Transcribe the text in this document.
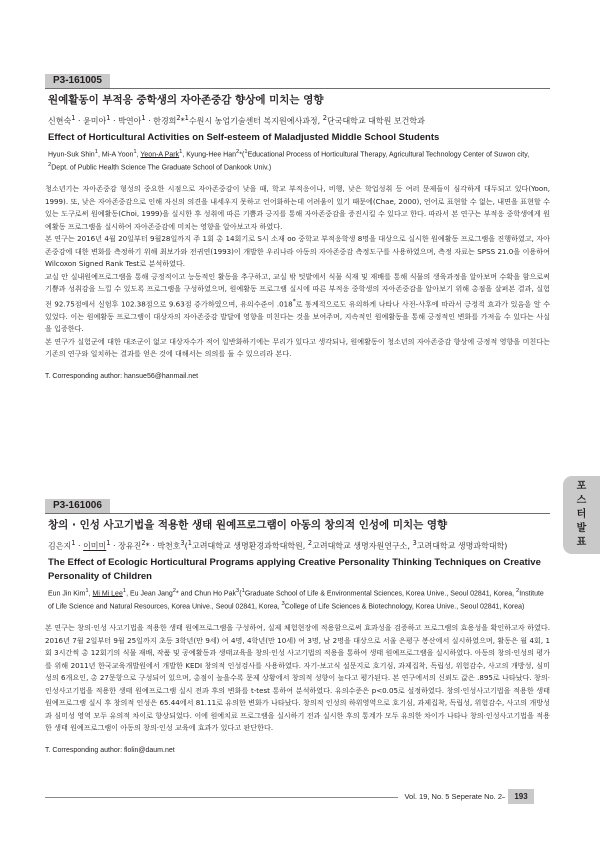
P3-161005
원예활동이 부적응 중학생의 자아존중감 향상에 미치는 영향
신현숙$^1$ · 윤미아$^1$ · 박연아$^1$ · 한경희$^2$*$^1$수원시 농업기술센터 복지원예사과정, $^2$단국대학교 대학원 보건학과
Effect of Horticultural Activities on Self-esteem of Maladjusted Middle School Students
Hyun-Suk Shin$^1$, Mi-A Yoon$^1$, Yeon-A Park$^1$, Kyung-Hee Han$^2$*($^1$Educational Process of Horticultural Therapy, Agricultural Technology Center of Suwon city, $^2$Dept. of Public Health Science The Graduate School of Dankook Univ.)

청소년기는 자아존중감 형성의 중요한 시점으로 자아존중감이 낮을 때, 학교 부적응이나, 비행, 낮은 학업성취 등 여러 문제들이 심각하게 대두되고 있다(Yoon, 1999). 또, 낮은 자아존중감으로 인해 자신의 의견을 내세우지 못하고 언어화하는데 어려움이 있기 때문에(Chae, 2000), 언어로 표현할 수 없는, 내면을 표현할 수 있는 도구로써 원예활동(Choi, 1999)을 실시한 후 성취에 따른 기쁨과 긍지를 통해 자아존중감을 증진시킬 수 있다고 한다. 따라서 본 연구는 부적응 중학생에게 원예활동 프로그램을 실시하여 자아존중감에 미치는 영향을 알아보고자 하였다.

본 연구는 2016년 4월 20일부터 9월28일까지 주 1회 총 14회기로 S시 소재 oo 중학교 부적응학생 8명을 대상으로 실시한 원예활동 프로그램을 진행하였고, 자아존중감에 대한 변화를 측정하기 위해 최보가와 전귀연(1993)이 개발한 우리나라 아동의 자아존중감 측정도구를 사용하였으며, 측정 자료는 SPSS 21.0을 이용하여 Wilcoxon Signed Rank Test로 분석하였다.

교실 안 실내원예프로그램을 통해 긍정적이고 능동적인 활동을 추구하고, 교실 밖 텃밭에서 식물 식재 및 재배를 통해 식물의 생육과정을 알아보며 수확을 함으로써 기쁨과 성취감을 느낄 수 있도록 프로그램을 구성하였으며, 원예활동 프로그램 실시에 따른 부적응 중학생의 자아존중감을 알아보기 위해 총점을 살펴본 결과, 실험전 92.75점에서 실험후 102.38점으로 9.63점 증가하였으며, 유의수준이 .018*로 통계적으로도 유의하게 나타나 사전-사후에 따라서 긍정적 효과가 있음을 알 수 있었다. 이는 원예활동 프로그램이 대상자의 자아존중감 발달에 영향을 미친다는 것을 보여주며, 지속적인 원예활동을 통해 긍정적인 변화를 가져올 수 있다는 사실을 입증한다.

본 연구가 실험군에 대한 대조군이 없고 대상자수가 적어 일반화하기에는 무리가 있다고 생각되나, 원예활동이 청소년의 자아존중감 향상에 긍정적 영향을 미친다는 기존의 연구와 일치하는 결과를 얻은 것에 대해서는 의의를 둘 수 있으리라 본다.

T. Corresponding author: hansue56@hanmail.net
P3-161006
창의 · 인성 사고기법을 적용한 생태 원예프로그램이 아동의 창의적 인성에 미치는 영향
김은지$^1$ · 이미미$^1$ · 장유진$^2$* · 박천호$^3$($^1$고려대학교 생명환경과학대학원, $^2$고려대학교 생명자원연구소, $^3$고려대학교 생명과학대학)
The Effect of Ecologic Horticultural Programs applying Creative Personality Thinking Techniques on Creative Personality of Children
Eun Jin Kim$^1$, Mi Mi Lee$^1$, Eu Jean Jang$^2$* and Chun Ho Pak$^3$($^1$Graduate School of Life & Environmental Sciences, Korea Unive., Seoul 02841, Korea, $^2$Institute of Life Science and Natural Resources, Korea Unive., Seoul 02841, Korea, $^3$College of Life Sciences & Biotechnology, Korea Unive., Seoul 02841, Korea)

본 연구는 창의·인성 사고기법을 적용한 생태 원예프로그램을 구성하여, 실제 체험현장에 적용함으로써 효과성을 검증하고 프로그램의 효용성을 확인하고자 하였다. 2016년 7월 2일부터 9월 25일까지 초등 3학년(만 9세) 여 4명, 4학년(만 10세) 여 3명, 남 2명을 대상으로 서울 은평구 봉산에서 실시하였으며, 활동은 월 4회, 1회 3시간씩 총 12회기의 식물 재배, 작품 및 공예활동과 생태교육을 창의·인성 사고기법의 적용을 통하여 생태 원예프로그램을 실시하였다. 아동의 창의·인성의 평가를 위해 2011년 한국교육개발원에서 개발한 KEDI 창의적 인성검사를 사용하였다. 자기-보고식 설문지로 호기심, 과제집착, 독립성, 위험감수, 사고의 개방성, 심미성의 6개요인, 총 27문항으로 구성되어 있으며, 총점이 높을수록 문제 상황에서 창의적 성향이 높다고 평가된다. 본 연구에서의 신뢰도 값은 .895로 나타났다. 창의·인성사고기법을 적용한 생태 원예프로그램 실시 전과 후의 변화를 t-test 통하여 분석하였다. 유의수준은 p<0.05로 설정하였다. 창의·인성사고기법을 적용한 생태 원예프로그램 실시 후 창의적 인성은 65.44에서 81.11로 유의한 변화가 나타났다. 창의적 인성의 하위영역으로 호기심, 과제집착, 독립성, 위험감수, 사고의 개방성과 심미성 영역 모두 유의적 차이로 향상되었다. 이에 원예치료 프로그램을 실시하기 전과 실시한 후의 통계가 모두 유의한 차이가 나타나 창의·인성사고기법을 적용한 생태 원예프로그램이 아동의 창의·인성 교육에 효과가 있다고 판단한다.

T. Corresponding author: flolin@daum.net
포
스
터
발
표
Vol. 19, No. 5 Seperate No. 2	193
